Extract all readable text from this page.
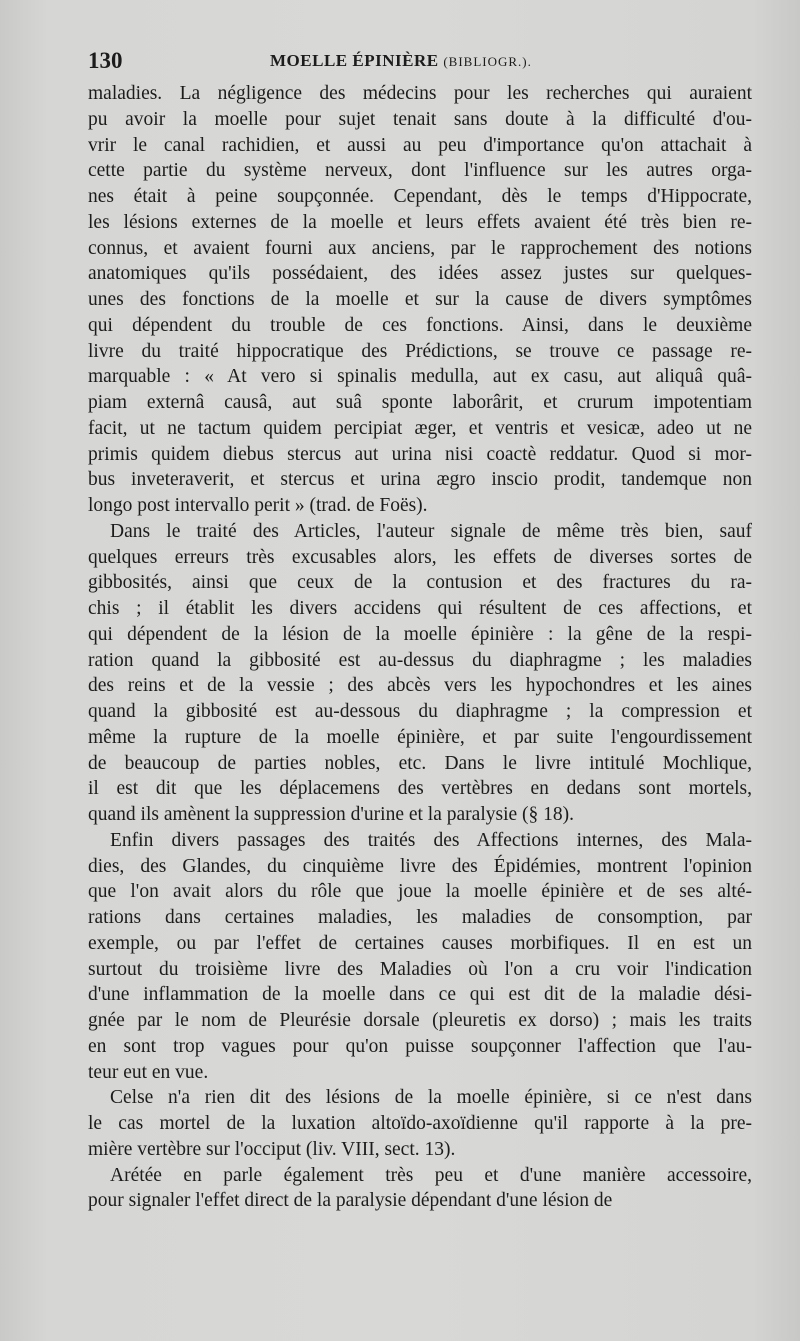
130	MOELLE ÉPINIÈRE (BIBLIOGR.).
maladies. La négligence des médecins pour les recherches qui auraient
pu avoir la moelle pour sujet tenait sans doute à la difficulté d'ou-
vrir le canal rachidien, et aussi au peu d'importance qu'on attachait à
cette partie du système nerveux, dont l'influence sur les autres orga-
nes était à peine soupçonnée. Cependant, dès le temps d'Hippocrate,
les lésions externes de la moelle et leurs effets avaient été très bien re-
connus, et avaient fourni aux anciens, par le rapprochement des notions
anatomiques qu'ils possédaient, des idées assez justes sur quelques-
unes des fonctions de la moelle et sur la cause de divers symptômes
qui dépendent du trouble de ces fonctions. Ainsi, dans le deuxième
livre du traité hippocratique des Prédictions, se trouve ce passage re-
marquable : « At vero si spinalis medulla, aut ex casu, aut aliquâ quâ-
piam externâ causâ, aut suâ sponte laborârit, et crurum impotentiam
facit, ut ne tactum quidem percipiat æger, et ventris et vesicæ, adeo ut ne
primis quidem diebus stercus aut urina nisi coactè reddatur. Quod si mor-
bus inveteraverit, et stercus et urina ægro inscio prodit, tandemque non
longo post intervallo perit » (trad. de Foës).
Dans le traité des Articles, l'auteur signale de même très bien, sauf
quelques erreurs très excusables alors, les effets de diverses sortes de
gibbosités, ainsi que ceux de la contusion et des fractures du ra-
chis ; il établit les divers accidens qui résultent de ces affections, et
qui dépendent de la lésion de la moelle épinière : la gêne de la respi-
ration quand la gibbosité est au-dessus du diaphragme ; les maladies
des reins et de la vessie ; des abcès vers les hypochondres et les aines
quand la gibbosité est au-dessous du diaphragme ; la compression et
même la rupture de la moelle épinière, et par suite l'engourdissement
de beaucoup de parties nobles, etc. Dans le livre intitulé Mochlique,
il est dit que les déplacemens des vertèbres en dedans sont mortels,
quand ils amènent la suppression d'urine et la paralysie (§ 18).
Enfin divers passages des traités des Affections internes, des Mala-
dies, des Glandes, du cinquième livre des Épidémies, montrent l'opinion
que l'on avait alors du rôle que joue la moelle épinière et de ses alté-
rations dans certaines maladies, les maladies de consomption, par
exemple, ou par l'effet de certaines causes morbifiques. Il en est un
surtout du troisième livre des Maladies où l'on a cru voir l'indication
d'une inflammation de la moelle dans ce qui est dit de la maladie dési-
gnée par le nom de Pleurésie dorsale (pleuretis ex dorso) ; mais les traits
en sont trop vagues pour qu'on puisse soupçonner l'affection que l'au-
teur eut en vue.
Celse n'a rien dit des lésions de la moelle épinière, si ce n'est dans
le cas mortel de la luxation altoïdo-axoïdienne qu'il rapporte à la pre-
mière vertèbre sur l'occiput (liv. VIII, sect. 13).
Arétée en parle également très peu et d'une manière accessoire,
pour signaler l'effet direct de la paralysie dépendant d'une lésion de
